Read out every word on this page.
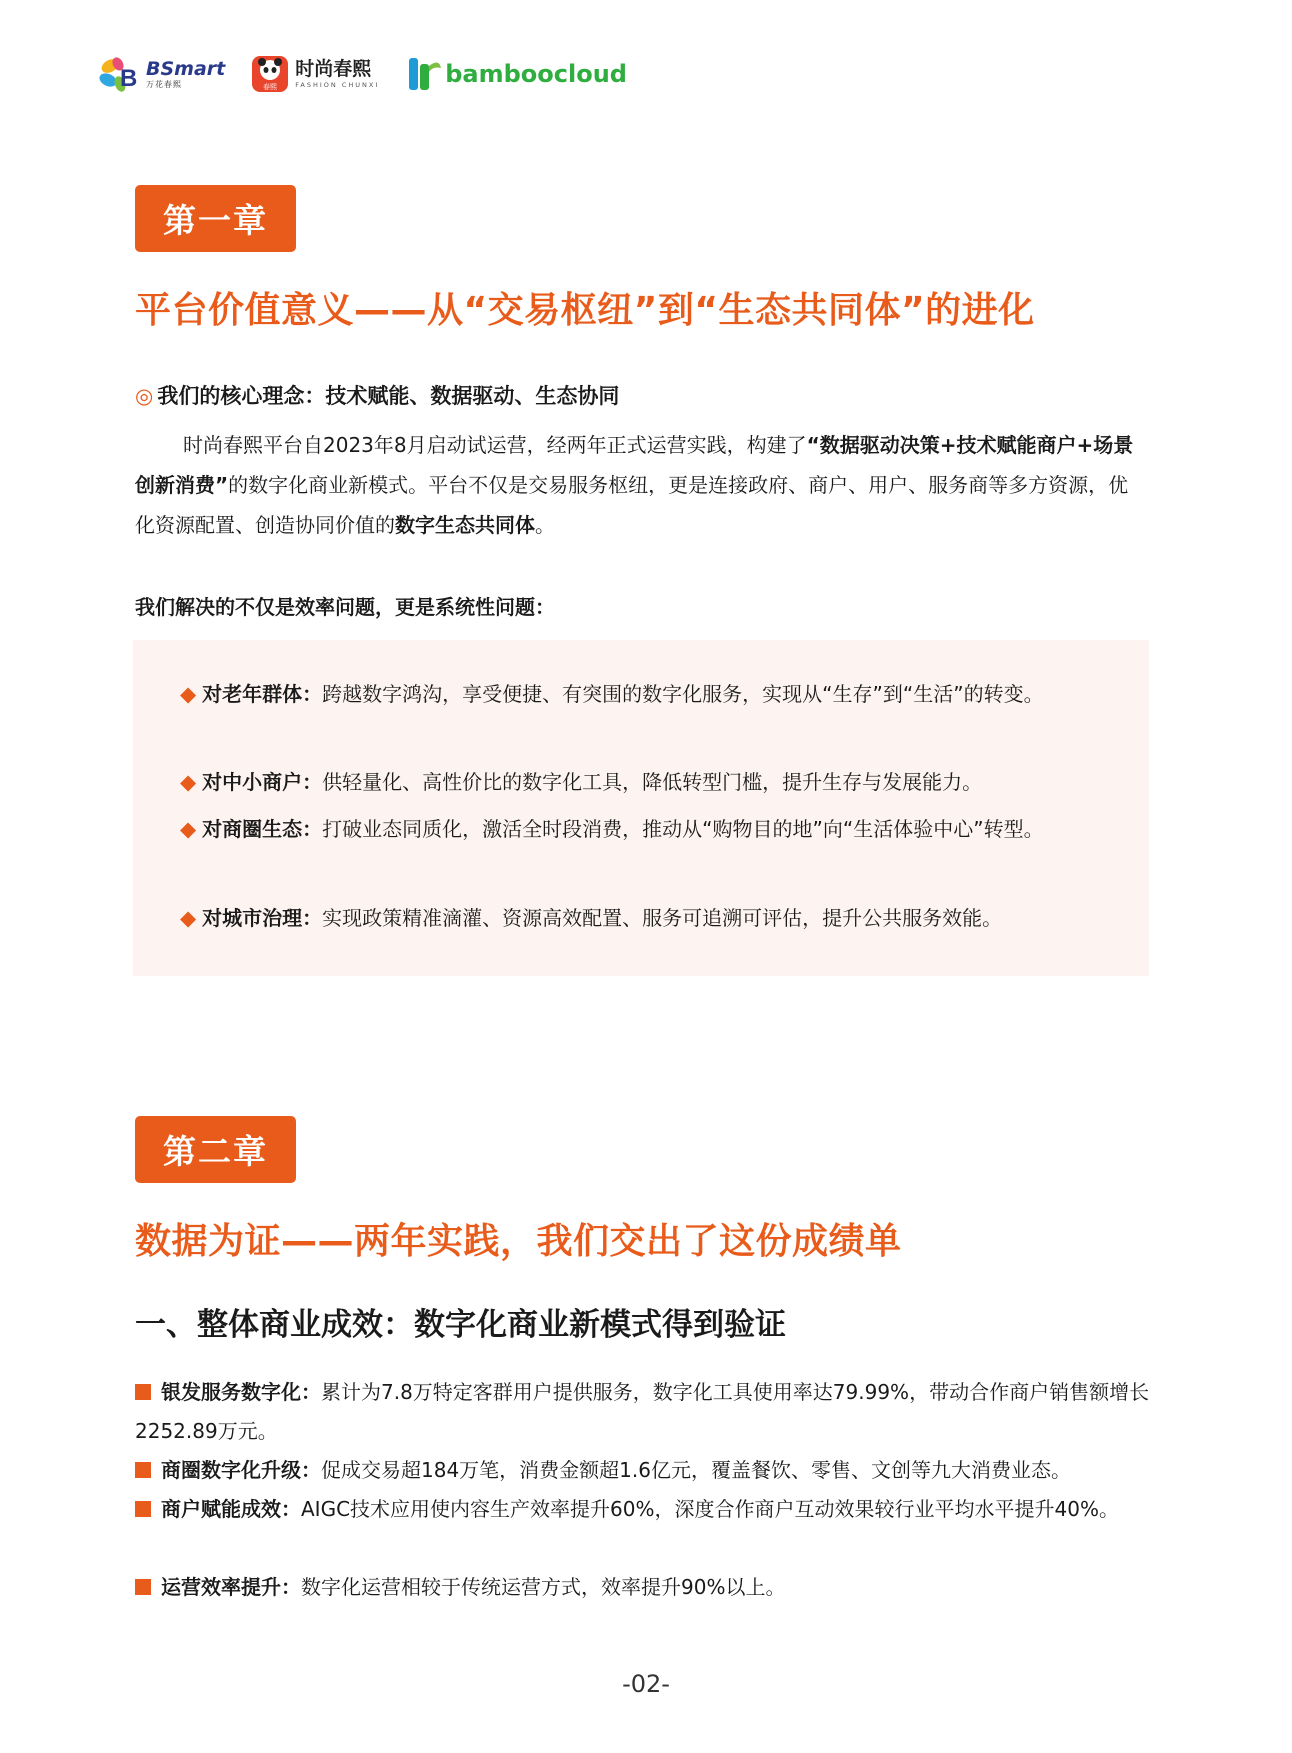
B BSmart
万花春熙	春熙
时尚春熙
FASHION CHUNXI	bamboocloud
第一章
平台价值意义——从“交易枢纽”到“生态共同体”的进化
◎ 我们的核心理念：技术赋能、数据驱动、生态协同
时尚春熙平台自2023年8月启动试运营，经两年正式运营实践，构建了“数据驱动决策+技术赋能商户+场景创新消费”的数字化商业新模式。平台不仅是交易服务枢纽，更是连接政府、商户、用户、服务商等多方资源，优化资源配置、创造协同价值的数字生态共同体。
我们解决的不仅是效率问题，更是系统性问题：
◆ 对老年群体：跨越数字鸿沟，享受便捷、有突围的数字化服务，实现从“生存”到“生活”的转变。
◆ 对中小商户：供轻量化、高性价比的数字化工具，降低转型门槛，提升生存与发展能力。
◆ 对商圈生态：打破业态同质化，激活全时段消费，推动从“购物目的地”向“生活体验中心”转型。
◆ 对城市治理：实现政策精准滴灌、资源高效配置、服务可追溯可评估，提升公共服务效能。
第二章
数据为证——两年实践，我们交出了这份成绩单
一、整体商业成效：数字化商业新模式得到验证
银发服务数字化：累计为7.8万特定客群用户提供服务，数字化工具使用率达79.99%，带动合作商户销售额增长2252.89万元。
商圈数字化升级：促成交易超184万笔，消费金额超1.6亿元，覆盖餐饮、零售、文创等九大消费业态。
商户赋能成效：AIGC技术应用使内容生产效率提升60%，深度合作商户互动效果较行业平均水平提升40%。
运营效率提升：数字化运营相较于传统运营方式，效率提升90%以上。
-02-
